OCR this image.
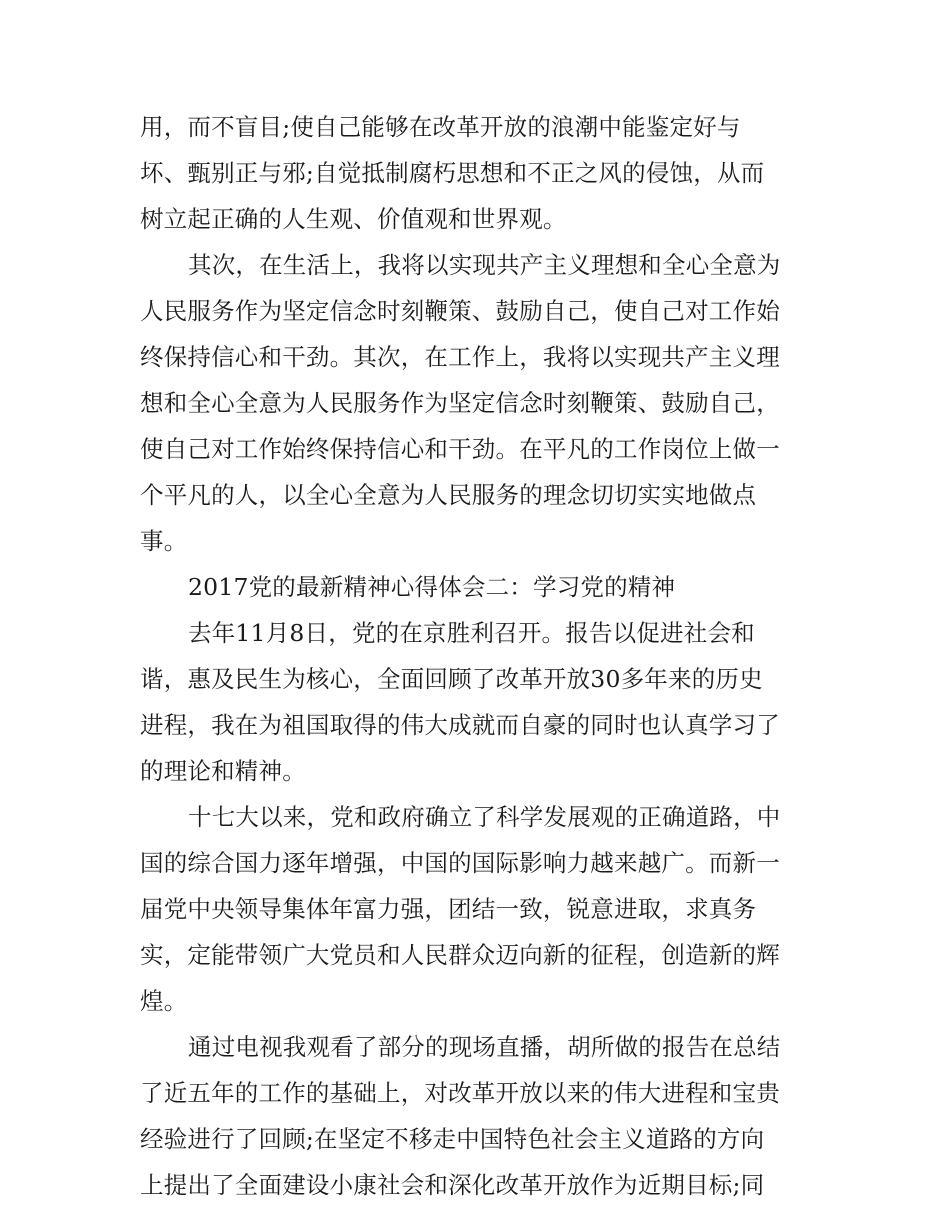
用，而不盲目;使自己能够在改革开放的浪潮中能鉴定好与
坏、甄别正与邪;自觉抵制腐朽思想和不正之风的侵蚀，从而
树立起正确的人生观、价值观和世界观。
其次，在生活上，我将以实现共产主义理想和全心全意为
人民服务作为坚定信念时刻鞭策、鼓励自己，使自己对工作始
终保持信心和干劲。其次，在工作上，我将以实现共产主义理
想和全心全意为人民服务作为坚定信念时刻鞭策、鼓励自己，
使自己对工作始终保持信心和干劲。在平凡的工作岗位上做一
个平凡的人，以全心全意为人民服务的理念切切实实地做点
事。
2017党的最新精神心得体会二：学习党的精神
去年11月8日，党的在京胜利召开。报告以促进社会和
谐，惠及民生为核心，全面回顾了改革开放30多年来的历史
进程，我在为祖国取得的伟大成就而自豪的同时也认真学习了
的理论和精神。
十七大以来，党和政府确立了科学发展观的正确道路，中
国的综合国力逐年增强，中国的国际影响力越来越广。而新一
届党中央领导集体年富力强，团结一致，锐意进取，求真务
实，定能带领广大党员和人民群众迈向新的征程，创造新的辉
煌。
通过电视我观看了部分的现场直播，胡所做的报告在总结
了近五年的工作的基础上，对改革开放以来的伟大进程和宝贵
经验进行了回顾;在坚定不移走中国特色社会主义道路的方向
上提出了全面建设小康社会和深化改革开放作为近期目标;同
